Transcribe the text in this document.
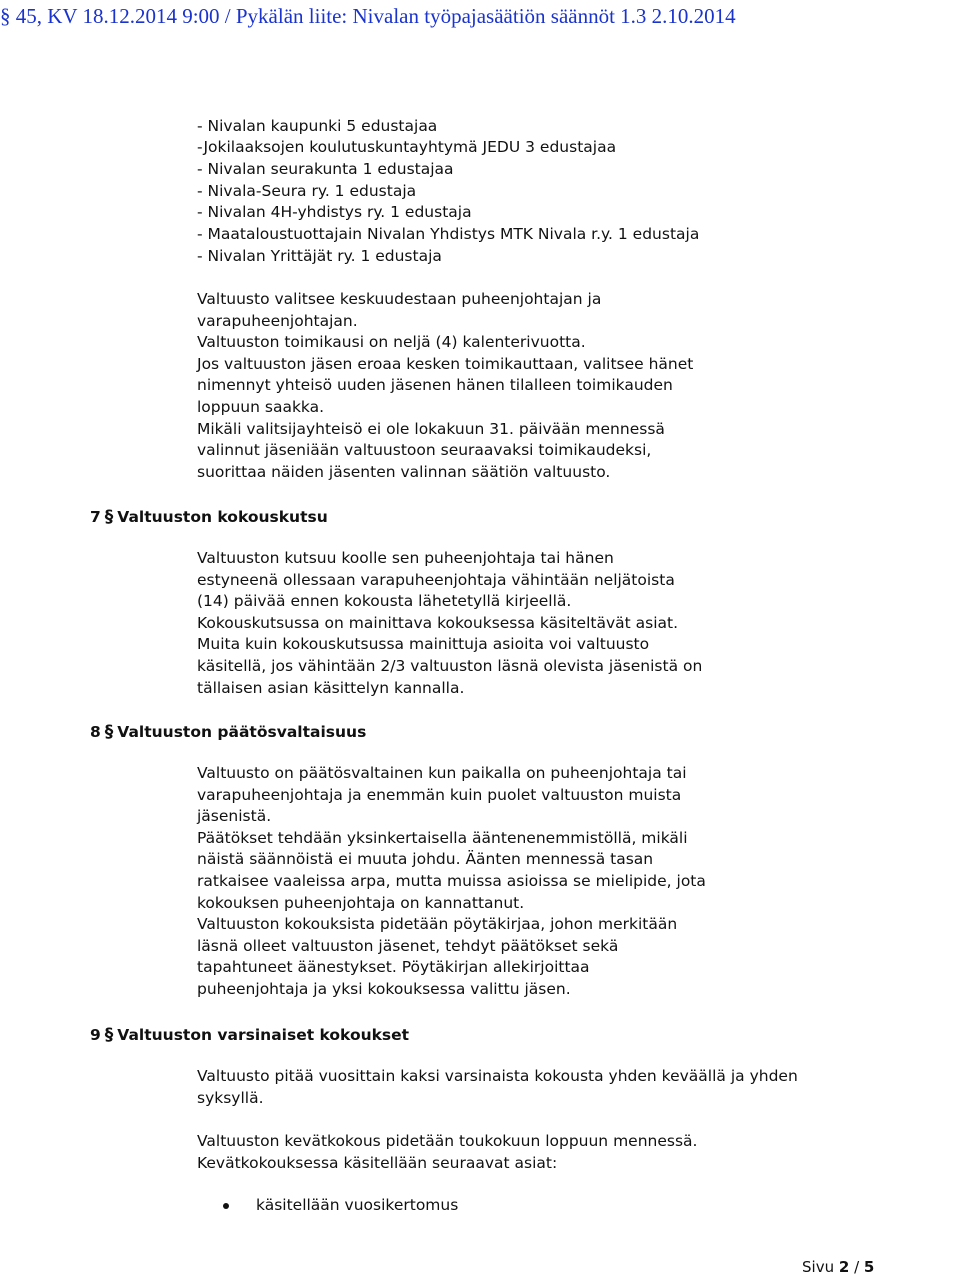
§ 45, KV 18.12.2014 9:00 / Pykälän liite: Nivalan työpajasäätiön säännöt 1.3 2.10.2014
- Nivalan kaupunki 5 edustajaa
-Jokilaaksojen koulutuskuntayhtymä JEDU 3 edustajaa
- Nivalan seurakunta 1 edustajaa
- Nivala-Seura ry. 1 edustaja
- Nivalan 4H-yhdistys ry. 1 edustaja
- Maataloustuottajain Nivalan Yhdistys MTK Nivala r.y. 1 edustaja
- Nivalan Yrittäjät ry. 1 edustaja
Valtuusto valitsee keskuudestaan puheenjohtajan ja
varapuheenjohtajan.
Valtuuston toimikausi on neljä (4) kalenterivuotta.
Jos valtuuston jäsen eroaa kesken toimikauttaan, valitsee hänet
nimennyt yhteisö uuden jäsenen hänen tilalleen toimikauden
loppuun saakka.
Mikäli valitsijayhteisö ei ole lokakuun 31. päivään mennessä
valinnut jäseniään valtuustoon seuraavaksi toimikaudeksi,
suorittaa näiden jäsenten valinnan säätiön valtuusto.
7 § Valtuuston kokouskutsu
Valtuuston kutsuu koolle sen puheenjohtaja tai hänen
estyneenä ollessaan varapuheenjohtaja vähintään neljätoista
(14) päivää ennen kokousta lähetetyllä kirjeellä.
Kokouskutsussa on mainittava kokouksessa käsiteltävät asiat.
Muita kuin kokouskutsussa mainittuja asioita voi valtuusto
käsitellä, jos vähintään 2/3 valtuuston läsnä olevista jäsenistä on
tällaisen asian käsittelyn kannalla.
8 § Valtuuston päätösvaltaisuus
Valtuusto on päätösvaltainen kun paikalla on puheenjohtaja tai
varapuheenjohtaja ja enemmän kuin puolet valtuuston muista
jäsenistä.
Päätökset tehdään yksinkertaisella ääntenenemmistöllä, mikäli
näistä säännöistä ei muuta johdu. Äänten mennessä tasan
ratkaisee vaaleissa arpa, mutta muissa asioissa se mielipide, jota
kokouksen puheenjohtaja on kannattanut.
Valtuuston kokouksista pidetään pöytäkirjaa, johon merkitään
läsnä olleet valtuuston jäsenet, tehdyt päätökset sekä
tapahtuneet äänestykset. Pöytäkirjan allekirjoittaa
puheenjohtaja ja yksi kokouksessa valittu jäsen.
9 § Valtuuston varsinaiset kokoukset
Valtuusto pitää vuosittain kaksi varsinaista kokousta yhden keväällä ja yhden
syksyllä.
Valtuuston kevätkokous pidetään toukokuun loppuun mennessä.
Kevätkokouksessa käsitellään seuraavat asiat:
käsitellään vuosikertomus
Sivu 2 / 5
